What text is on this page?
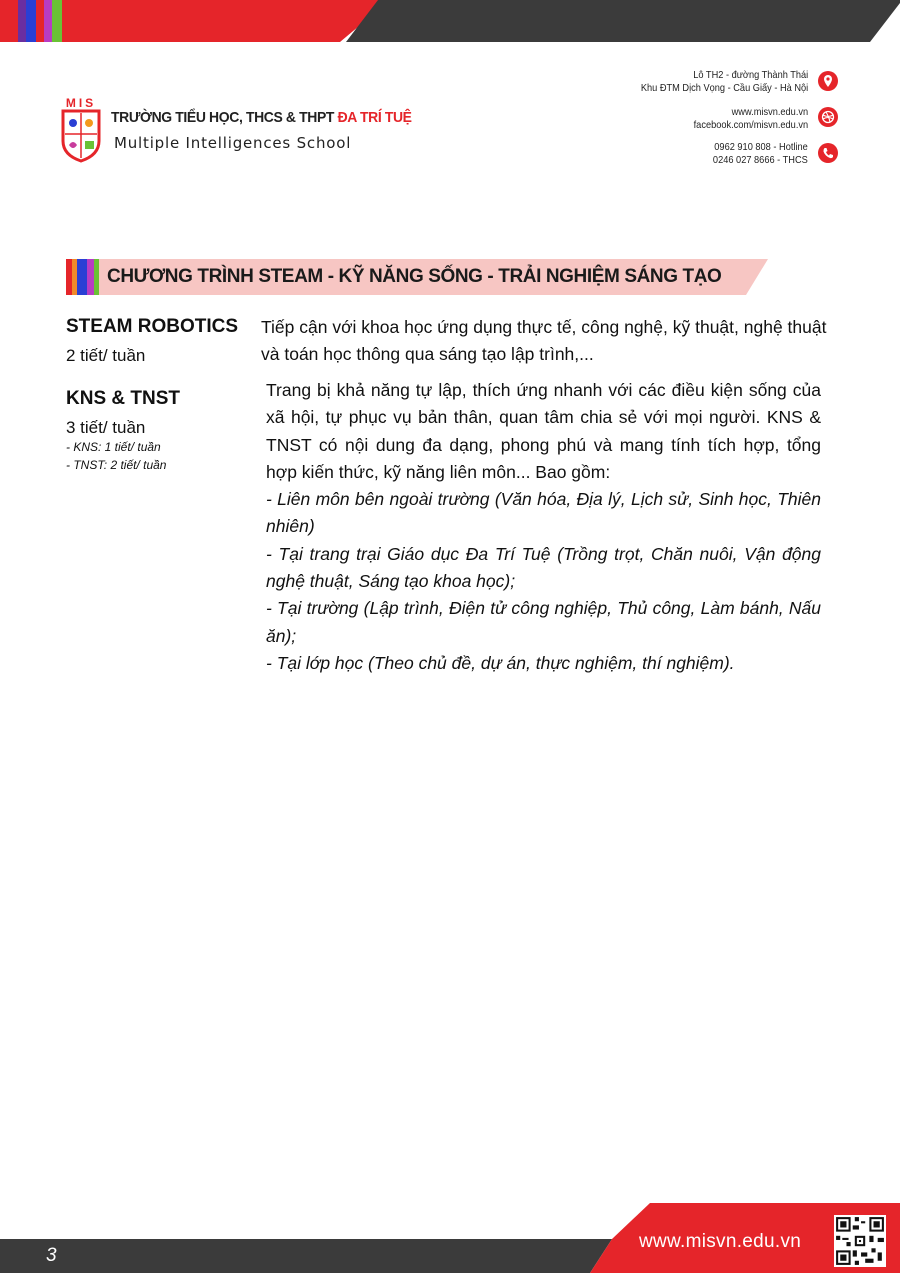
MIS
TRƯỜNG TIỂU HỌC, THCS & THPT ĐA TRÍ TUỆ
Multiple Intelligences School
Lô TH2 - đường Thành Thái
Khu ĐTM Dịch Vọng - Cầu Giấy - Hà Nội
www.misvn.edu.vn
facebook.com/misvn.edu.vn
0962 910 808 - Hotline
0246 027 8666 - THCS
CHƯƠNG TRÌNH STEAM - KỸ NĂNG SỐNG - TRẢI NGHIỆM SÁNG TẠO
STEAM ROBOTICS
2 tiết/ tuần
Tiếp cận với khoa học ứng dụng thực tế, công nghệ, kỹ thuật, nghệ thuật và toán học thông qua sáng tạo lập trình,...
KNS & TNST
3 tiết/ tuần
- KNS: 1 tiết/ tuần
- TNST: 2 tiết/ tuần

Trang bị khả năng tự lập, thích ứng nhanh với các điều kiện sống của xã hội, tự phục vụ bản thân, quan tâm chia sẻ với mọi người. KNS & TNST có nội dung đa dạng, phong phú và mang tính tích hợp, tổng hợp kiến thức, kỹ năng liên môn... Bao gồm:

- Liên môn bên ngoài trường (Văn hóa, Địa lý, Lịch sử, Sinh học, Thiên nhiên)

- Tại trang trại Giáo dục Đa Trí Tuệ (Trồng trọt, Chăn nuôi, Vận động nghệ thuật, Sáng tạo khoa học);

- Tại trường (Lập trình, Điện tử công nghiệp, Thủ công, Làm bánh, Nấu ăn);

- Tại lớp học (Theo chủ đề, dự án, thực nghiệm, thí nghiệm).

3
www.misvn.edu.vn
